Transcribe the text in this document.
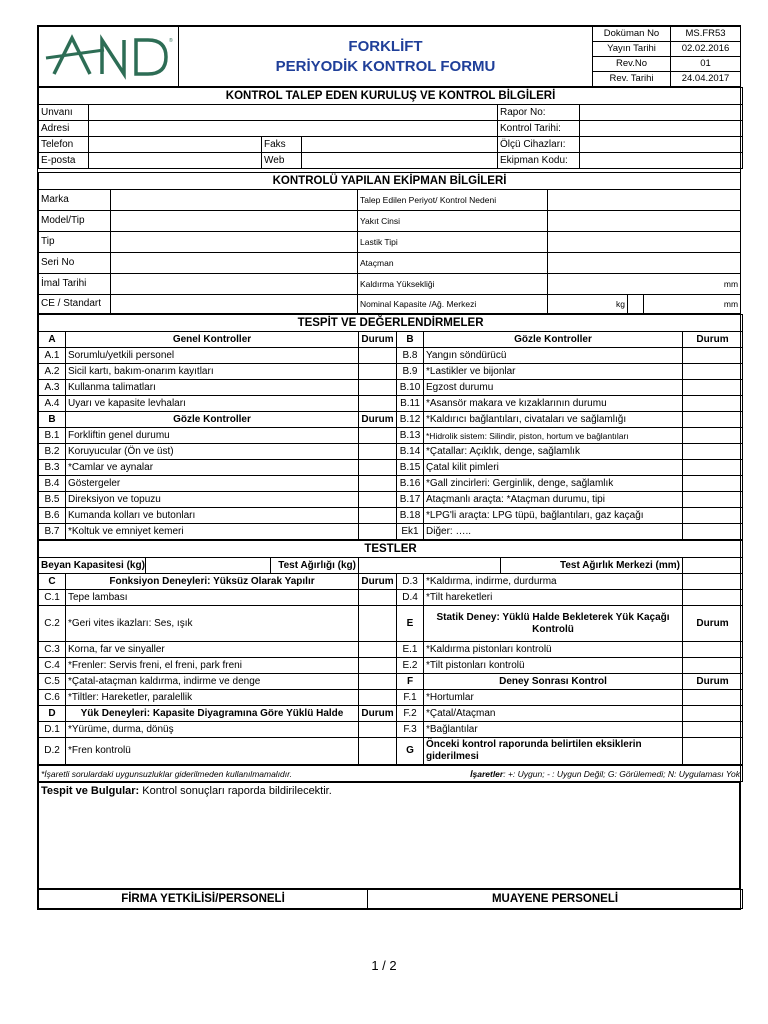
®	FORKLİFT
PERİYODİK KONTROL FORMU	Doküman No	MS.FR53
		Yayın Tarihi	02.02.2016
		Rev.No	01
		Rev. Tarihi	24.04.2017
KONTROL TALEP EDEN KURULUŞ VE KONTROL BİLGİLERİ					
Unvanı				Rapor No:	
Adresi				Kontrol Tarihi:	
Telefon		Faks		Ölçü Cihazları:	
E-posta		Web		Ekipman Kodu:	
KONTROLÜ YAPILAN EKİPMAN BİLGİLERİ					
Marka		Talep Edilen Periyot/ Kontrol Nedeni			
Model/Tip		Yakıt Cinsi			
Tip		Lastik Tipi			
Seri No		Ataçman			
İmal Tarihi		Kaldırma Yüksekliği	mm		
CE / Standart		Nominal Kapasite /Ağ. Merkezi	kg		mm
TESPİT VE DEĞERLENDİRMELER					
A	Genel Kontroller	Durum	B	Gözle Kontroller	Durum
A.1	Sorumlu/yetkili personel		B.8	Yangın söndürücü	
A.2	Sicil kartı, bakım-onarım kayıtları		B.9	*Lastikler ve bijonlar	
A.3	Kullanma talimatları		B.10	Egzost durumu	
A.4	Uyarı ve kapasite levhaları		B.11	*Asansör makara ve kızaklarının durumu	
B	Gözle Kontroller	Durum	B.12	*Kaldırıcı bağlantıları, civataları ve sağlamlığı	
B.1	Forkliftin genel durumu		B.13	*Hidrolik sistem: Silindir, piston, hortum ve bağlantıları	
B.2	Koruyucular (Ön ve üst)		B.14	*Çatallar: Açıklık, denge, sağlamlık	
B.3	*Camlar ve aynalar		B.15	Çatal kilit pimleri	
B.4	Göstergeler		B.16	*Gall zincirleri: Gerginlik, denge, sağlamlık	
B.5	Direksiyon ve topuzu		B.17	Ataçmanlı araçta: *Ataçman durumu, tipi	
B.6	Kumanda kolları ve butonları		B.18	*LPG'li araçta: LPG tüpü, bağlantıları, gaz kaçağı	
B.7	*Koltuk ve emniyet kemeri		Ek1	Diğer: …..	
TESTLER								
Beyan Kapasitesi (kg)			Test Ağırlığı (kg)				Test Ağırlık Merkezi (mm)	
C	Fonksiyon Deneyleri: Yüksüz Olarak Yapılır			Durum	D.3	*Kaldırma, indirme, durdurma		
C.1	Tepe lambası				D.4	*Tilt hareketleri		
C.2	*Geri vites ikazları: Ses, ışık				E	Statik Deney: Yüklü Halde Bekleterek Yük Kaçağı Kontrolü		Durum
C.3	Korna, far ve sinyaller				E.1	*Kaldırma pistonları kontrolü		
C.4	*Frenler: Servis freni, el freni, park freni				E.2	*Tilt pistonları kontrolü		
C.5	*Çatal-ataçman kaldırma, indirme ve denge				F	Deney Sonrası Kontrol		Durum
C.6	*Tiltler: Hareketler, paralellik				F.1	*Hortumlar		
D	Yük Deneyleri: Kapasite Diyagramına Göre Yüklü Halde			Durum	F.2	*Çatal/Ataçman		
D.1	*Yürüme, durma, dönüş				F.3	*Bağlantılar		
D.2	*Fren kontrolü				G	Önceki kontrol raporunda belirtilen eksiklerin giderilmesi		
*İşaretli sorulardaki uygunsuzluklar giderilmeden kullanılmamalıdır.	İşaretler: +: Uygun; - : Uygun Değil; G: Görülemedi; N: Uygulaması Yok
Tespit ve Bulgular: Kontrol sonuçları raporda bildirilecektir.
FİRMA YETKİLİSİ/PERSONELİ	MUAYENE PERSONELİ
1 / 2
